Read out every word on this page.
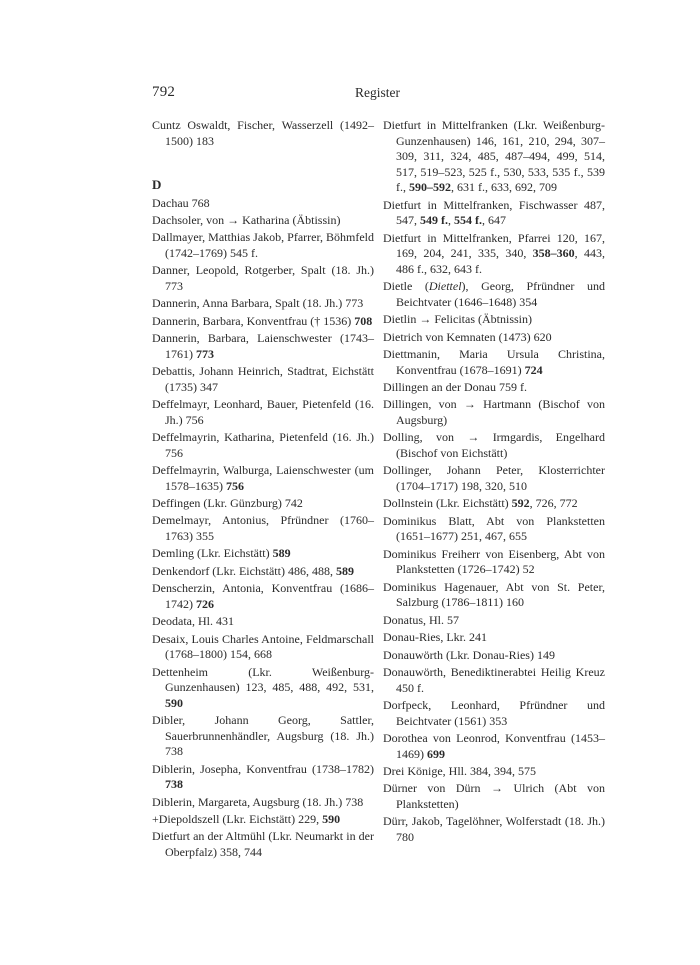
792	Register
Cuntz Oswaldt, Fischer, Wasserzell (1492–1500) 183
D
Dachau 768
Dachsoler, von → Katharina (Äbtissin)
Dallmayer, Matthias Jakob, Pfarrer, Böhmfeld (1742–1769) 545 f.
Danner, Leopold, Rotgerber, Spalt (18. Jh.) 773
Dannerin, Anna Barbara, Spalt (18. Jh.) 773
Dannerin, Barbara, Konventfrau († 1536) 708
Dannerin, Barbara, Laienschwester (1743–1761) 773
Debattis, Johann Heinrich, Stadtrat, Eichstätt (1735) 347
Deffelmayr, Leonhard, Bauer, Pietenfeld (16. Jh.) 756
Deffelmayrin, Katharina, Pietenfeld (16. Jh.) 756
Deffelmayrin, Walburga, Laienschwester (um 1578–1635) 756
Deffingen (Lkr. Günzburg) 742
Demelmayr, Antonius, Pfründner (1760–1763) 355
Demling (Lkr. Eichstätt) 589
Denkendorf (Lkr. Eichstätt) 486, 488, 589
Denscherzin, Antonia, Konventfrau (1686–1742) 726
Deodata, Hl. 431
Desaix, Louis Charles Antoine, Feldmarschall (1768–1800) 154, 668
Dettenheim (Lkr. Weißenburg-Gunzenhausen) 123, 485, 488, 492, 531, 590
Dibler, Johann Georg, Sattler, Sauerbrunnenhändler, Augsburg (18. Jh.) 738
Diblerin, Josepha, Konventfrau (1738–1782) 738
Diblerin, Margareta, Augsburg (18. Jh.) 738
+Diepoldszell (Lkr. Eichstätt) 229, 590
Dietfurt an der Altmühl (Lkr. Neumarkt in der Oberpfalz) 358, 744
Dietfurt in Mittelfranken (Lkr. Weißenburg-Gunzenhausen) 146, 161, 210, 294, 307–309, 311, 324, 485, 487–494, 499, 514, 517, 519–523, 525 f., 530, 533, 535 f., 539 f., 590–592, 631 f., 633, 692, 709
Dietfurt in Mittelfranken, Fischwasser 487, 547, 549 f., 554 f., 647
Dietfurt in Mittelfranken, Pfarrei 120, 167, 169, 204, 241, 335, 340, 358–360, 443, 486 f., 632, 643 f.
Dietle (Diettel), Georg, Pfründner und Beichtvater (1646–1648) 354
Dietlin → Felicitas (Äbtnissin)
Dietrich von Kemnaten (1473) 620
Diettmanin, Maria Ursula Christina, Konventfrau (1678–1691) 724
Dillingen an der Donau 759 f.
Dillingen, von → Hartmann (Bischof von Augsburg)
Dolling, von → Irmgardis, Engelhard (Bischof von Eichstätt)
Dollinger, Johann Peter, Klosterrichter (1704–1717) 198, 320, 510
Dollnstein (Lkr. Eichstätt) 592, 726, 772
Dominikus Blatt, Abt von Plankstetten (1651–1677) 251, 467, 655
Dominikus Freiherr von Eisenberg, Abt von Plankstetten (1726–1742) 52
Dominikus Hagenauer, Abt von St. Peter, Salzburg (1786–1811) 160
Donatus, Hl. 57
Donau-Ries, Lkr. 241
Donauwörth (Lkr. Donau-Ries) 149
Donauwörth, Benediktinerabtei Heilig Kreuz 450 f.
Dorfpeck, Leonhard, Pfründner und Beichtvater (1561) 353
Dorothea von Leonrod, Konventfrau (1453–1469) 699
Drei Könige, Hll. 384, 394, 575
Dürner von Dürn → Ulrich (Abt von Plankstetten)
Dürr, Jakob, Tagelöhner, Wolferstadt (18. Jh.) 780
